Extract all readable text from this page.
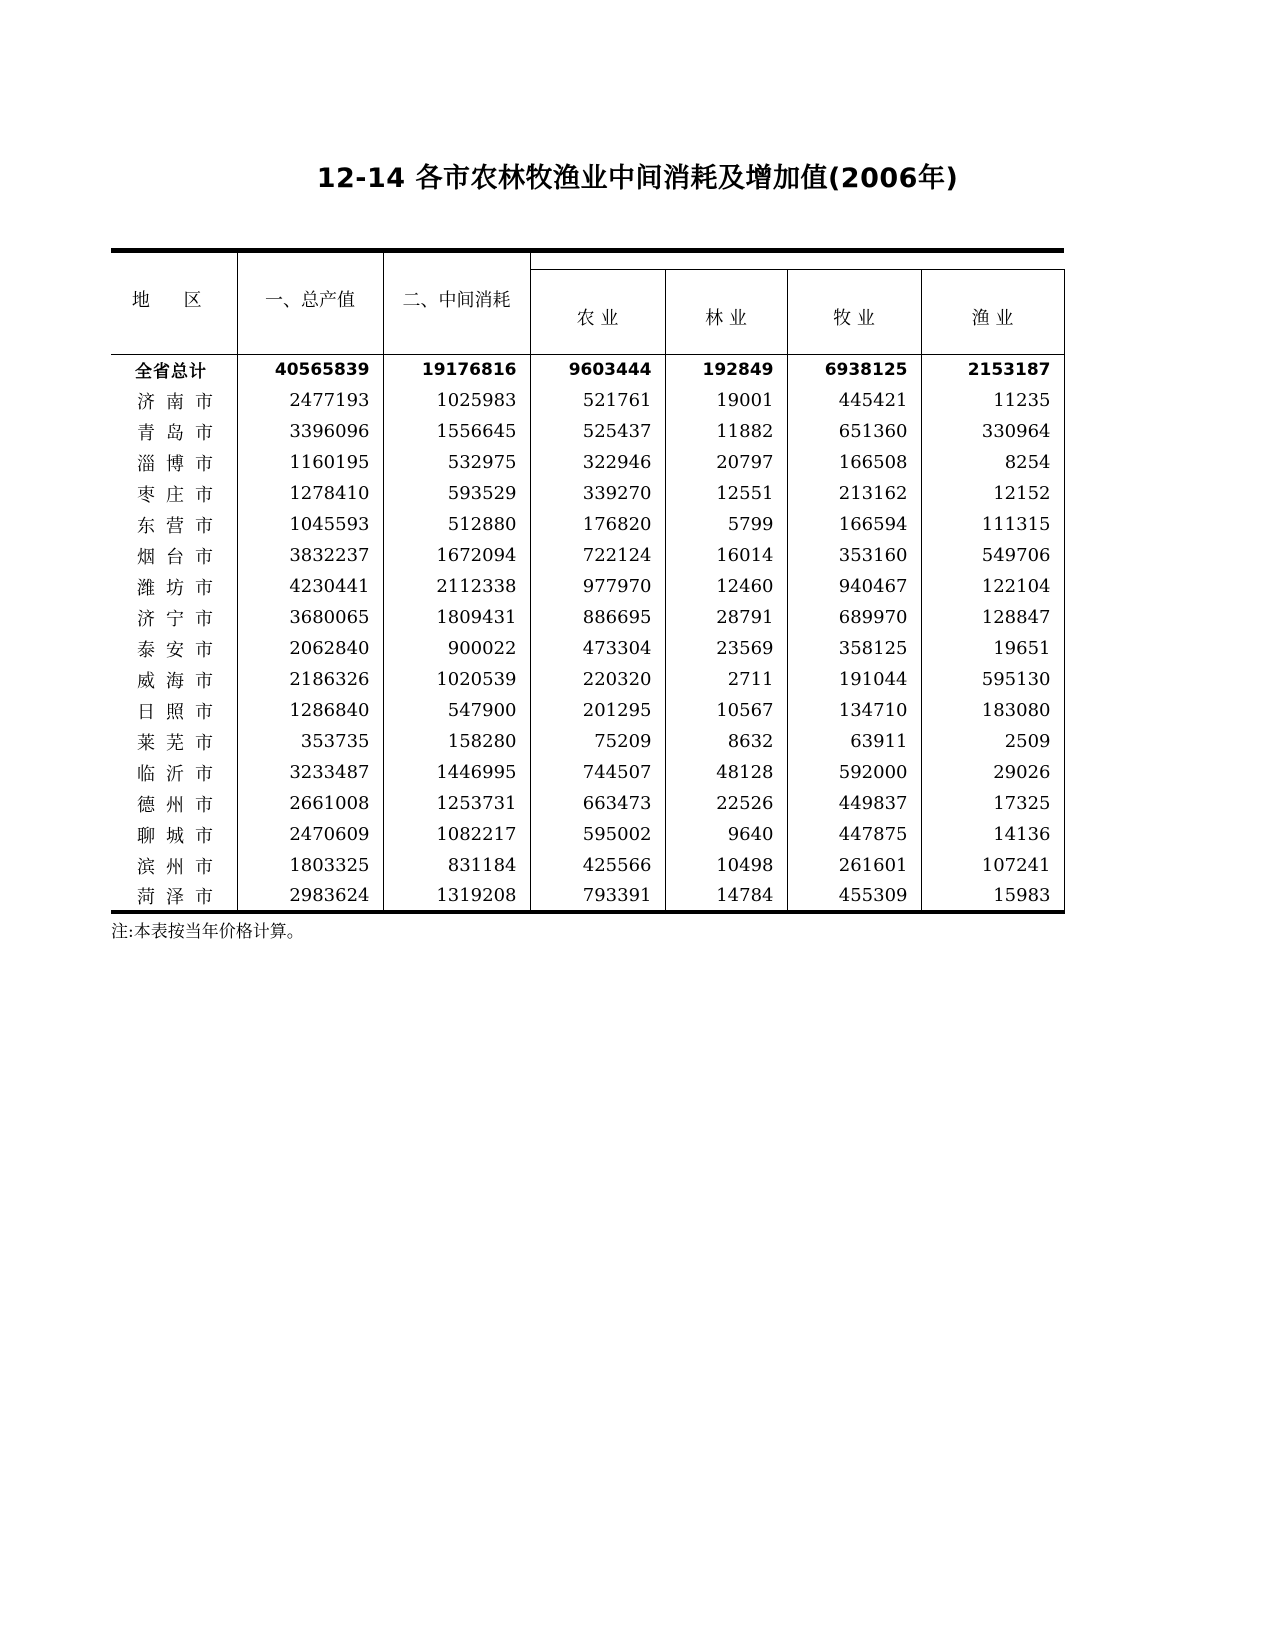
12-14 各市农林牧渔业中间消耗及增加值(2006年)
地 区	一、总产值	二、中间消耗				
			农 业	林 业	牧 业	渔 业
全省总计	40565839	19176816	9603444	192849	6938125	2153187
济南市	2477193	1025983	521761	19001	445421	11235
青岛市	3396096	1556645	525437	11882	651360	330964
淄博市	1160195	532975	322946	20797	166508	8254
枣庄市	1278410	593529	339270	12551	213162	12152
东营市	1045593	512880	176820	5799	166594	111315
烟台市	3832237	1672094	722124	16014	353160	549706
潍坊市	4230441	2112338	977970	12460	940467	122104
济宁市	3680065	1809431	886695	28791	689970	128847
泰安市	2062840	900022	473304	23569	358125	19651
威海市	2186326	1020539	220320	2711	191044	595130
日照市	1286840	547900	201295	10567	134710	183080
莱芜市	353735	158280	75209	8632	63911	2509
临沂市	3233487	1446995	744507	48128	592000	29026
德州市	2661008	1253731	663473	22526	449837	17325
聊城市	2470609	1082217	595002	9640	447875	14136
滨州市	1803325	831184	425566	10498	261601	107241
菏泽市	2983624	1319208	793391	14784	455309	15983
注:本表按当年价格计算。
